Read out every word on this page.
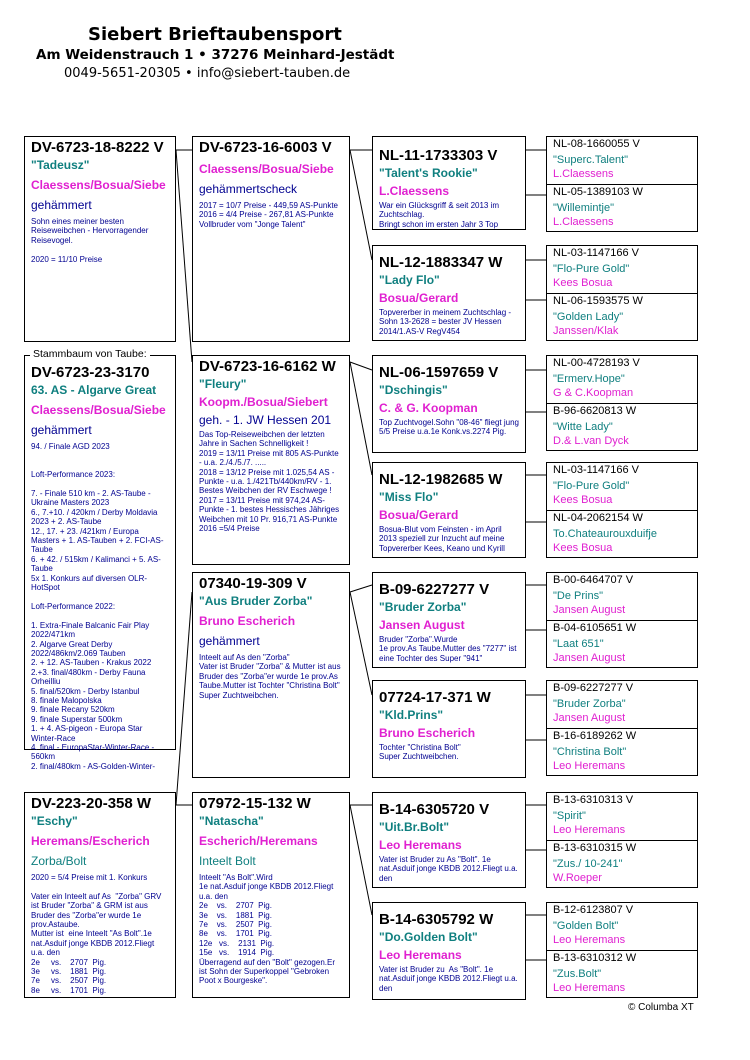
Siebert Brieftaubensport
Am Weidenstrauch 1 • 37276 Meinhard-Jestädt
0049-5651-20305 • info@siebert-tauben.de
DV-6723-18-8222 V
"Tadeusz"
Claessens/Bosua/Siebe
gehämmert
Sohn eines meiner besten Reiseweibchen - Hervorragender Reisevogel.

2020 = 11/10 Preise
DV-6723-23-3170
63. AS - Algarve Great
Claessens/Bosua/Siebe
gehämmert
94. / Finale AGD 2023

Loft-Performance 2023:

7. - Finale 510 km - 2. AS-Taube - Ukraine Masters 2023
6., 7.+10. / 420km / Derby Moldavia 2023 + 2. AS-Taube
12., 17. + 23. /421km / Europa Masters + 1. AS-Tauben + 2. FCI-AS-Taube
6. + 42. / 515km / Kalimanci + 5. AS-Taube
5x 1. Konkurs auf diversen OLR-HotSpot

Loft-Performance 2022:

1. Extra-Finale Balcanic Fair Play 2022/471km
2. Algarve Great Derby 2022/486km/2.069 Tauben
2. + 12. AS-Tauben - Krakus 2022
2.+3. final/480km - Derby Fauna Orheilliu
5. final/520km - Derby Istanbul
8. finale Malopolska
9. finale Recany 520km
9. finale Superstar 500km
1. + 4. AS-pigeon - Europa Star Winter-Race
4. final - EuropaStar-Winter-Race - 560km
2. final/480km - AS-Golden-Winter-
Stammbaum von Taube:
DV-223-20-358 W
"Eschy"
Heremans/Escherich
Zorba/Bolt
2020 = 5/4 Preise mit 1. Konkurs

Vater ein Inteelt auf As  "Zorba" GRV ist Bruder "Zorba" & GRM ist aus Bruder des "Zorba"er wurde 1e prov.Astaube.
Mutter ist  eine Inteelt "As Bolt".1e nat.Asduif jonge KBDB 2012.Fliegt u.a. den
2e     vs.    2707  Pig.
3e     vs.    1881  Pig.
7e     vs.    2507  Pig.
8e     vs.    1701  Pig.
DV-6723-16-6003 V
Claessens/Bosua/Siebe
gehämmertscheck
2017 = 10/7 Preise - 449,59 AS-Punkte
2016 = 4/4 Preise - 267,81 AS-Punkte
Vollbruder vom "Jonge Talent"
DV-6723-16-6162 W
"Fleury"
Koopm./Bosua/Siebert
geh. - 1. JW Hessen 201
Das Top-Reiseweibchen der letzten Jahre in Sachen Schnelligkeit !
2019 = 13/11 Preise mit 805 AS-Punkte - u.a. 2./4./5./7. .....
2018 = 13/12 Preise mit 1.025,54 AS -Punkte - u.a. 1./421Tb/440km/RV - 1. Bestes Weibchen der RV Eschwege !
2017 = 13/11 Preise mit 974,24 AS-Punkte - 1. bestes Hessisches Jähriges Weibchen mit 10 Pr. 916,71 AS-Punkte
2016 =5/4 Preise
07340-19-309 V
"Aus Bruder Zorba"
Bruno Escherich
gehämmert
Inteelt auf As den "Zorba"
Vater ist Bruder "Zorba" & Mutter ist aus Bruder des "Zorba"er wurde 1e prov.As Taube.Mutter ist Tochter "Christina Bolt"
Super Zuchtweibchen.
07972-15-132 W
"Natascha"
Escherich/Heremans
Inteelt Bolt
Inteelt "As Bolt".Wird
1e nat.Asduif jonge KBDB 2012.Fliegt u.a. den
2e    vs.    2707  Pig.
3e    vs.    1881  Pig.
7e    vs.    2507  Pig.
8e    vs.    1701  Pig.
12e   vs.    2131  Pig.
15e   vs.    1914  Pig.
Überragend auf den "Bolt" gezogen.Er ist Sohn der Superkoppel "Gebroken Poot x Bourgeske".
NL-11-1733303 V
"Talent's Rookie"
L.Claessens
War ein Glücksgriff & seit 2013 im Zuchtschlag.
Bringt schon im ersten Jahr 3 Top
NL-12-1883347 W
"Lady Flo"
Bosua/Gerard
Topvererber in meinem Zuchtschlag - Sohn 13-2628 = bester JV Hessen 2014/1.AS-V RegV454
NL-06-1597659 V
"Dschingis"
C. & G. Koopman
Top Zuchtvogel.Sohn "08-46" fliegt jung 5/5 Preise u.a.1e Konk.vs.2274 Pig.
NL-12-1982685 W
"Miss Flo"
Bosua/Gerard
Bosua-Blut vom Feinsten - im April 2013 speziell zur Inzucht auf meine Topvererber Kees, Keano und Kyrill
B-09-6227277 V
"Bruder Zorba"
Jansen August
Bruder "Zorba".Wurde
1e prov.As Taube.Mutter des "7277" ist eine Tochter des Super "941"
07724-17-371 W
"Kld.Prins"
Bruno Escherich
Tochter "Christina Bolt"
Super Zuchtweibchen.
B-14-6305720 V
"Uit.Br.Bolt"
Leo Heremans
Vater ist Bruder zu As "Bolt". 1e nat.Asduif jonge KBDB 2012.Fliegt u.a. den
B-14-6305792 W
"Do.Golden Bolt"
Leo Heremans
Vater ist Bruder zu  As "Bolt". 1e nat.Asduif jonge KBDB 2012.Fliegt u.a. den
NL-08-1660055 V
"Superc.Talent"
L.Claessens
NL-05-1389103 W
"Willemintje"
L.Claessens
NL-03-1147166 V
"Flo-Pure Gold"
Kees Bosua
NL-06-1593575 W
"Golden Lady"
Janssen/Klak
NL-00-4728193 V
"Ermerv.Hope"
G & C.Koopman
B-96-6620813 W
"Witte Lady"
D.& L.van Dyck
NL-03-1147166 V
"Flo-Pure Gold"
Kees Bosua
NL-04-2062154 W
To.Chateaurouxduifje
Kees Bosua
B-00-6464707 V
"De Prins"
Jansen August
B-04-6105651 W
"Laat 651"
Jansen August
B-09-6227277 V
"Bruder Zorba"
Jansen August
B-16-6189262 W
"Christina Bolt"
Leo Heremans
B-13-6310313 V
"Spirit"
Leo Heremans
B-13-6310315 W
"Zus./ 10-241"
W.Roeper
B-12-6123807 V
"Golden Bolt"
Leo Heremans
B-13-6310312 W
"Zus.Bolt"
Leo Heremans
© Columba XT
